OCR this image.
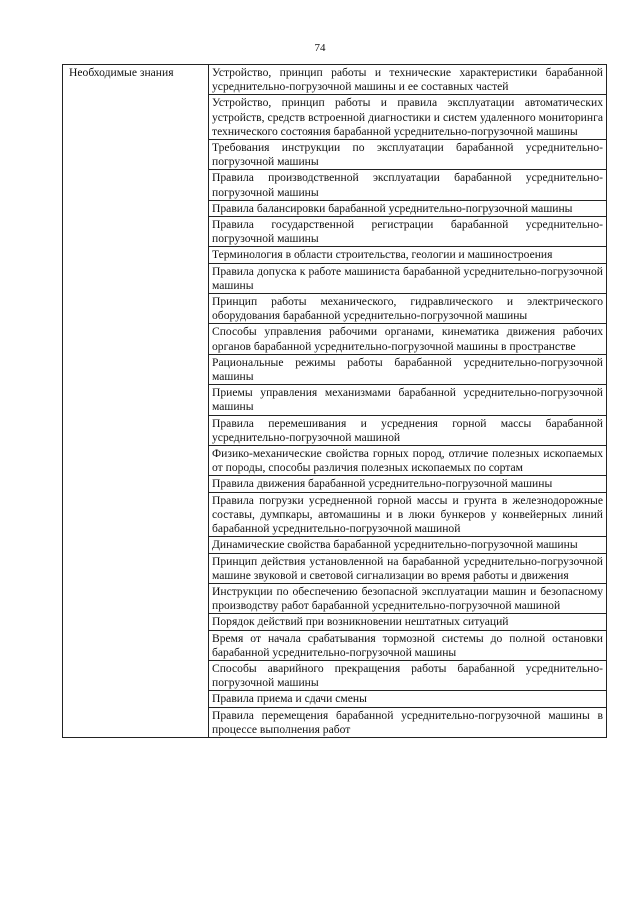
74
Необходимые знания	Устройство, принцип работы и технические характеристики барабанной усреднительно-погрузочной машины и ее составных частей
Устройство, принцип работы и правила эксплуатации автоматических устройств, средств встроенной диагностики и систем удаленного мониторинга технического состояния барабанной усреднительно-погрузочной машины
Требования инструкции по эксплуатации барабанной усреднительно-погрузочной машины
Правила производственной эксплуатации барабанной усреднительно-погрузочной машины
Правила балансировки барабанной усреднительно-погрузочной машины
Правила государственной регистрации барабанной усреднительно-погрузочной машины
Терминология в области строительства, геологии и машиностроения
Правила допуска к работе машиниста барабанной усреднительно-погрузочной машины
Принцип работы механического, гидравлического и электрического оборудования барабанной усреднительно-погрузочной машины
Способы управления рабочими органами, кинематика движения рабочих органов барабанной усреднительно-погрузочной машины в пространстве
Рациональные режимы работы барабанной усреднительно-погрузочной машины
Приемы управления механизмами барабанной усреднительно-погрузочной машины
Правила перемешивания и усреднения горной массы барабанной усреднительно-погрузочной машиной
Физико-механические свойства горных пород, отличие полезных ископаемых от породы, способы различия полезных ископаемых по сортам
Правила движения барабанной усреднительно-погрузочной машины
Правила погрузки усредненной горной массы и грунта в железнодорожные составы, думпкары, автомашины и в люки бункеров у конвейерных линий барабанной усреднительно-погрузочной машиной
Динамические свойства барабанной усреднительно-погрузочной машины
Принцип действия установленной на барабанной усреднительно-погрузочной машине звуковой и световой сигнализации во время работы и движения
Инструкции по обеспечению безопасной эксплуатации машин и безопасному производству работ барабанной усреднительно-погрузочной машиной
Порядок действий при возникновении нештатных ситуаций
Время от начала срабатывания тормозной системы до полной остановки барабанной усреднительно-погрузочной машины
Способы аварийного прекращения работы барабанной усреднительно-погрузочной машины
Правила приема и сдачи смены
Правила перемещения барабанной усреднительно-погрузочной машины в процессе выполнения работ
